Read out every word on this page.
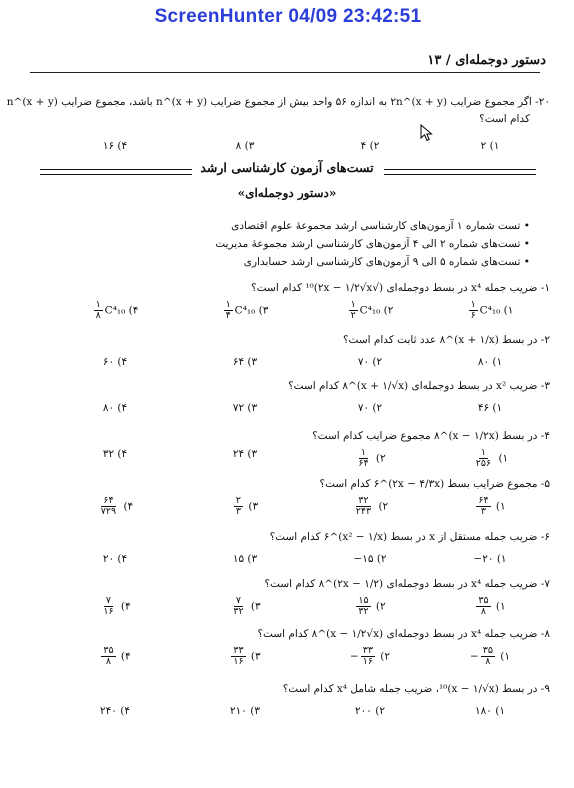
ScreenHunter 04/09 23:42:51
دستور دوجمله‌ای / ۱۳
۲۰- اگر مجموع ضرایب (x + y)^۲n به اندازه ۵۶ واحد بیش از مجموع ضرایب (x + y)^n باشد، مجموع ضرایب (x + y)^n
کدام است؟
۲ (۱
۴ (۲
۸ (۳
۱۶ (۴
تست‌های آزمون کارشناسی ارشد
«دستور دوجمله‌ای»
• تست شماره ۱ آزمون‌های کارشناسی ارشد مجموعهٔ علوم اقتصادی
• تست‌های شماره ۲ الی ۴ آزمون‌های کارشناسی ارشد مجموعهٔ مدیریت
• تست‌های شماره ۵ الی ۹ آزمون‌های کارشناسی ارشد حسابداری
۱- ضریب جمله x⁴ در بسط دوجمله‌ای (√۲x − ۱/۲√x)¹⁰ کدام است؟
$\frac{۱}{۶} C^4_{10}$ (۱
$\frac{۱}{۲} C^4_{10}$ (۲
$\frac{۱}{۴} C^4_{10}$ (۳
$\frac{۱}{۸} C^4_{10}$ (۴
۲- در بسط (x + ۱/x)^۸ عدد ثابت کدام است؟
۸۰ (۱
۷۰ (۲
۶۴ (۳
۶۰ (۴
۳- ضریب x² در بسط دوجمله‌ای (x + ۱/√x)^۸ کدام است؟
۴۶ (۱
۷۰ (۲
۷۲ (۳
۸۰ (۴
۴- در بسط (x − ۱/۲x)^۸ مجموع ضرایب کدام است؟
$\frac{۱}{۲۵۶}$ (۱
$\frac{۱}{۶۴}$ (۲
۲۴ (۳
۳۲ (۴
۵- مجموع ضرایب بسط (۲x − ۴/۳x)^۶ کدام است؟
$\frac{۶۴}{۳}$ (۱
$\frac{۳۲}{۲۴۳}$ (۲
$\frac{۲}{۳}$ (۳
$\frac{۶۴}{۷۲۹}$ (۴
۶- ضریب جمله مستقل از x در بسط (x² − ۱/x)^۶ کدام است؟
−۲۰ (۱
−۱۵ (۲
۱۵ (۳
۲۰ (۴
۷- ضریب جمله x⁴ در بسط دوجمله‌ای (۲x − ۱/۲)^۸ کدام است؟
$\frac{۳۵}{۸}$ (۱
$\frac{۱۵}{۳۲}$ (۲
$\frac{۷}{۳۲}$ (۳
$\frac{۷}{۱۶}$ (۴
۸- ضریب جمله x⁴ در بسط دوجمله‌ای (x − ۱/۲√x)^۸ کدام است؟
− $\frac{۳۵}{۸}$ (۱
− $\frac{۳۳}{۱۶}$ (۲
$\frac{۳۳}{۱۶}$ (۳
$\frac{۳۵}{۸}$ (۴
۹- در بسط (x − ۱/√x)¹⁰، ضریب جمله شامل x⁴ کدام است؟
۱۸۰ (۱
۲۰۰ (۲
۲۱۰ (۳
۲۴۰ (۴
